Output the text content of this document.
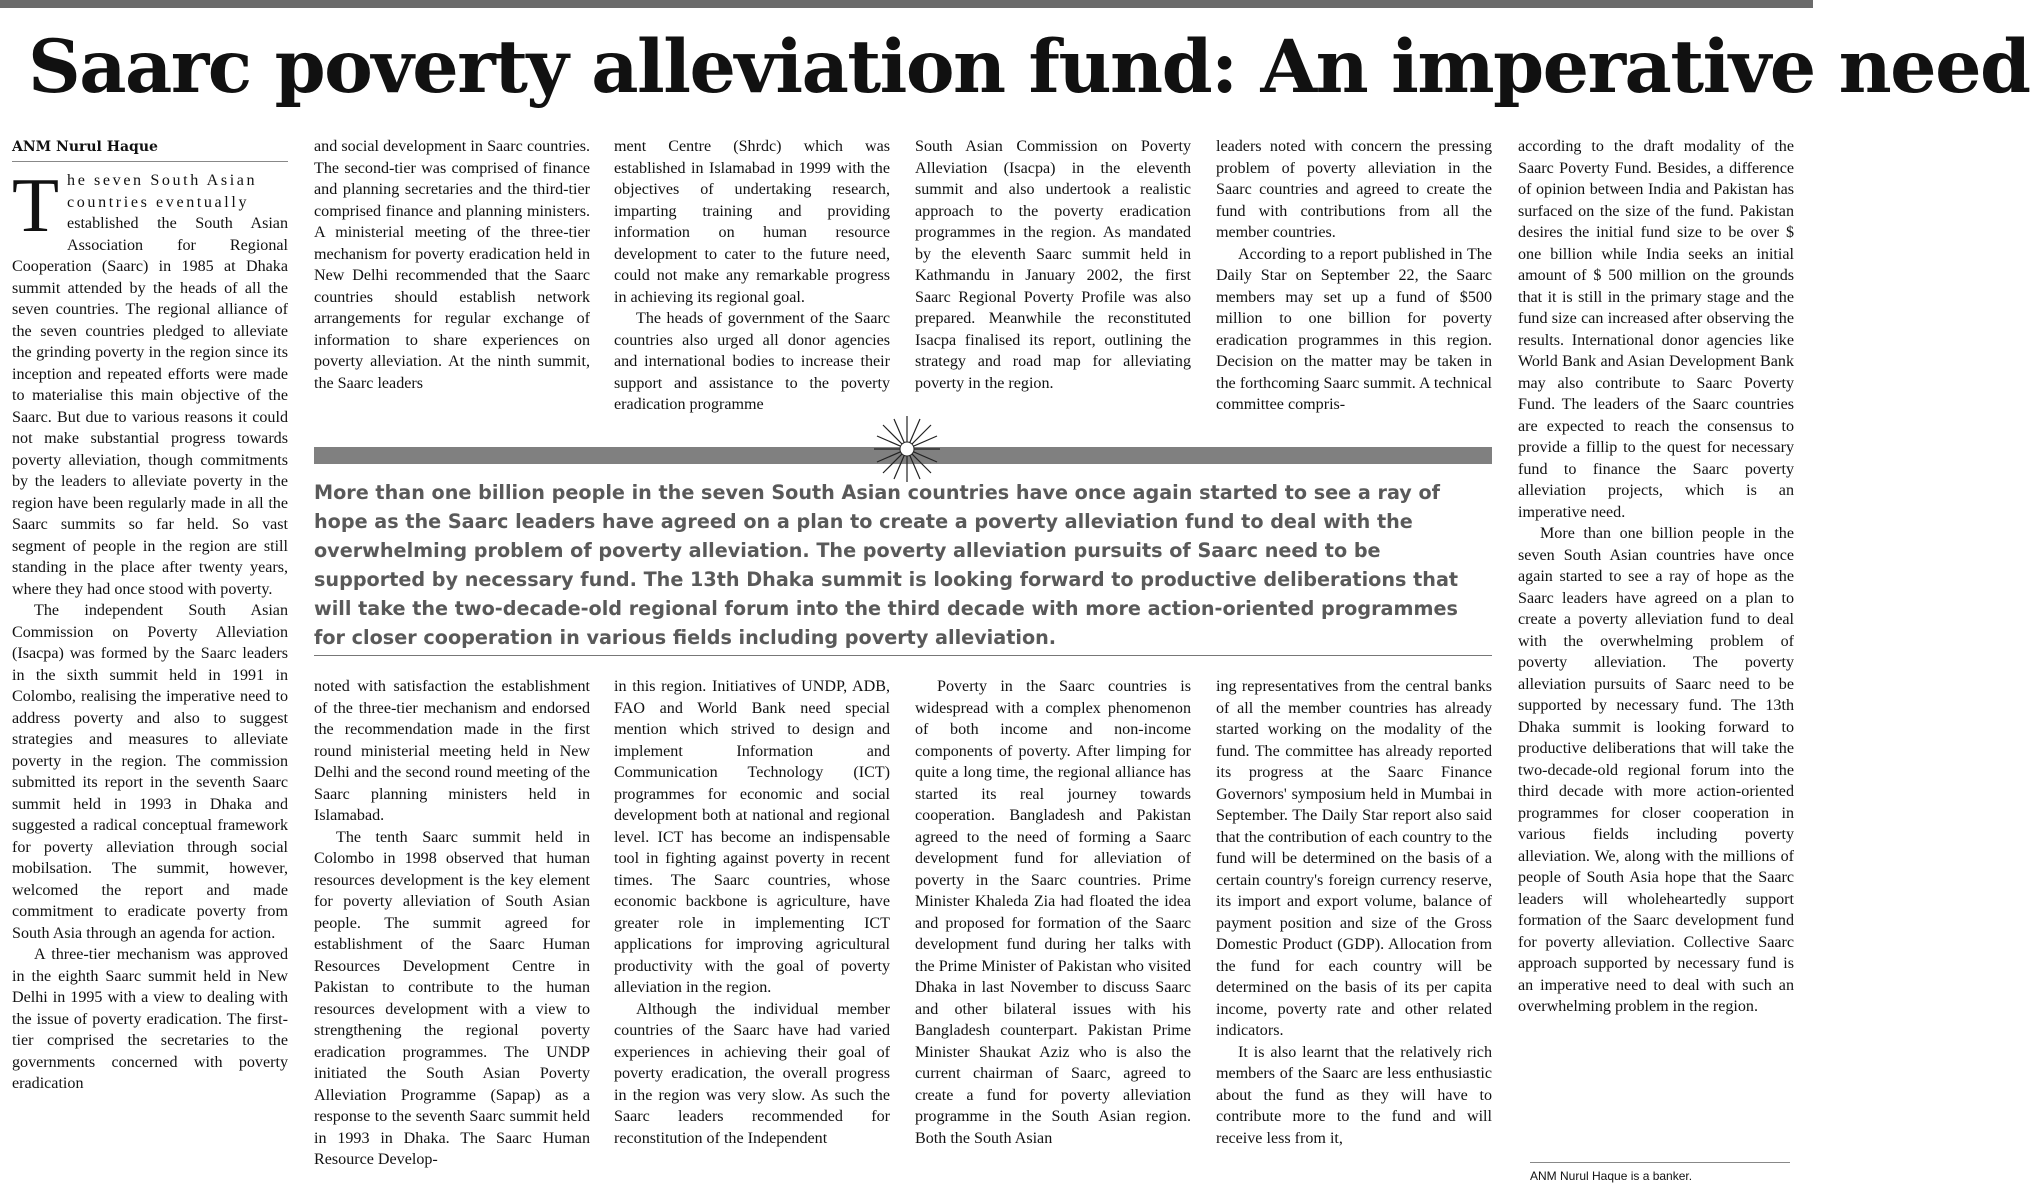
Saarc poverty alleviation fund: An imperative need
ANM Nurul Haque

T he seven South Asian
countries eventually
established the South Asian Association for Regional Cooperation (Saarc) in 1985 at Dhaka summit attended by the heads of all the seven countries. The regional alliance of the seven countries pledged to alleviate the grinding poverty in the region since its inception and repeated efforts were made to materialise this main objective of the Saarc. But due to various reasons it could not make substantial progress towards poverty alleviation, though commitments by the leaders to alleviate poverty in the region have been regularly made in all the Saarc summits so far held. So vast segment of people in the region are still standing in the place after twenty years, where they had once stood with poverty.

The independent South Asian Commission on Poverty Alleviation (Isacpa) was formed by the Saarc leaders in the sixth summit held in 1991 in Colombo, realising the imperative need to address poverty and also to suggest strategies and measures to alleviate poverty in the region. The commission submitted its report in the seventh Saarc summit held in 1993 in Dhaka and suggested a radical conceptual framework for poverty alleviation through social mobilsation. The summit, however, welcomed the report and made commitment to eradicate poverty from South Asia through an agenda for action.

A three-tier mechanism was approved in the eighth Saarc summit held in New Delhi in 1995 with a view to dealing with the issue of poverty eradication. The first-tier comprised the secretaries to the governments concerned with poverty eradication

and social development in Saarc countries. The second-tier was comprised of finance and planning secretaries and the third-tier comprised finance and planning ministers. A ministerial meeting of the three-tier mechanism for poverty eradication held in New Delhi recommended that the Saarc countries should establish network arrangements for regular exchange of information to share experiences on poverty alleviation. At the ninth summit, the Saarc leaders

ment Centre (Shrdc) which was established in Islamabad in 1999 with the objectives of undertaking research, imparting training and providing information on human resource development to cater to the future need, could not make any remarkable progress in achieving its regional goal.

The heads of government of the Saarc countries also urged all donor agencies and international bodies to increase their support and assistance to the poverty eradication programme

South Asian Commission on Poverty Alleviation (Isacpa) in the eleventh summit and also undertook a realistic approach to the poverty eradication programmes in the region. As mandated by the eleventh Saarc summit held in Kathmandu in January 2002, the first Saarc Regional Poverty Profile was also prepared. Meanwhile the reconstituted Isacpa finalised its report, outlining the strategy and road map for alleviating poverty in the region.

leaders noted with concern the pressing problem of poverty alleviation in the Saarc countries and agreed to create the fund with contributions from all the member countries.

According to a report published in The Daily Star on September 22, the Saarc members may set up a fund of $500 million to one billion for poverty eradication programmes in this region. Decision on the matter may be taken in the forthcoming Saarc summit. A technical committee compris-

according to the draft modality of the Saarc Poverty Fund. Besides, a difference of opinion between India and Pakistan has surfaced on the size of the fund. Pakistan desires the initial fund size to be over $ one billion while India seeks an initial amount of $ 500 million on the grounds that it is still in the primary stage and the fund size can increased after observing the results. International donor agencies like World Bank and Asian Development Bank may also contribute to Saarc Poverty Fund. The leaders of the Saarc countries are expected to reach the consensus to provide a fillip to the quest for necessary fund to finance the Saarc poverty alleviation projects, which is an imperative need.

More than one billion people in the seven South Asian countries have once again started to see a ray of hope as the Saarc leaders have agreed on a plan to create a poverty alleviation fund to deal with the overwhelming problem of poverty alleviation. The poverty alleviation pursuits of Saarc need to be supported by necessary fund. The 13th Dhaka summit is looking forward to productive deliberations that will take the two-decade-old regional forum into the third decade with more action-oriented programmes for closer cooperation in various fields including poverty alleviation. We, along with the millions of people of South Asia hope that the Saarc leaders will wholeheartedly support formation of the Saarc development fund for poverty alleviation. Collective Saarc approach supported by necessary fund is an imperative need to deal with such an overwhelming problem in the region.

More than one billion people in the seven South Asian countries have once again started to see a ray of hope as the Saarc leaders have agreed on a plan to create a poverty alleviation fund to deal with the overwhelming problem of poverty alleviation. The poverty alleviation pursuits of Saarc need to be supported by necessary fund. The 13th Dhaka summit is looking forward to productive deliberations that will take the two-decade-old regional forum into the third decade with more action-oriented programmes for closer cooperation in various fields including poverty alleviation.

noted with satisfaction the establishment of the three-tier mechanism and endorsed the recommendation made in the first round ministerial meeting held in New Delhi and the second round meeting of the Saarc planning ministers held in Islamabad.

The tenth Saarc summit held in Colombo in 1998 observed that human resources development is the key element for poverty alleviation of South Asian people. The summit agreed for establishment of the Saarc Human Resources Development Centre in Pakistan to contribute to the human resources development with a view to strengthening the regional poverty eradication programmes. The UNDP initiated the South Asian Poverty Alleviation Programme (Sapap) as a response to the seventh Saarc summit held in 1993 in Dhaka. The Saarc Human Resource Develop-

in this region. Initiatives of UNDP, ADB, FAO and World Bank need special mention which strived to design and implement Information and Communication Technology (ICT) programmes for economic and social development both at national and regional level. ICT has become an indispensable tool in fighting against poverty in recent times. The Saarc countries, whose economic backbone is agriculture, have greater role in implementing ICT applications for improving agricultural productivity with the goal of poverty alleviation in the region.

Although the individual member countries of the Saarc have had varied experiences in achieving their goal of poverty eradication, the overall progress in the region was very slow. As such the Saarc leaders recommended for reconstitution of the Independent

Poverty in the Saarc countries is widespread with a complex phenomenon of both income and non-income components of poverty. After limping for quite a long time, the regional alliance has started its real journey towards cooperation. Bangladesh and Pakistan agreed to the need of forming a Saarc development fund for alleviation of poverty in the Saarc countries. Prime Minister Khaleda Zia had floated the idea and proposed for formation of the Saarc development fund during her talks with the Prime Minister of Pakistan who visited Dhaka in last November to discuss Saarc and other bilateral issues with his Bangladesh counterpart. Pakistan Prime Minister Shaukat Aziz who is also the current chairman of Saarc, agreed to create a fund for poverty alleviation programme in the South Asian region. Both the South Asian

ing representatives from the central banks of all the member countries has already started working on the modality of the fund. The committee has already reported its progress at the Saarc Finance Governors' symposium held in Mumbai in September. The Daily Star report also said that the contribution of each country to the fund will be determined on the basis of a certain country's foreign currency reserve, its import and export volume, balance of payment position and size of the Gross Domestic Product (GDP). Allocation from the fund for each country will be determined on the basis of its per capita income, poverty rate and other related indicators.

It is also learnt that the relatively rich members of the Saarc are less enthusiastic about the fund as they will have to contribute more to the fund and will receive less from it,

ANM Nurul Haque is a banker.
